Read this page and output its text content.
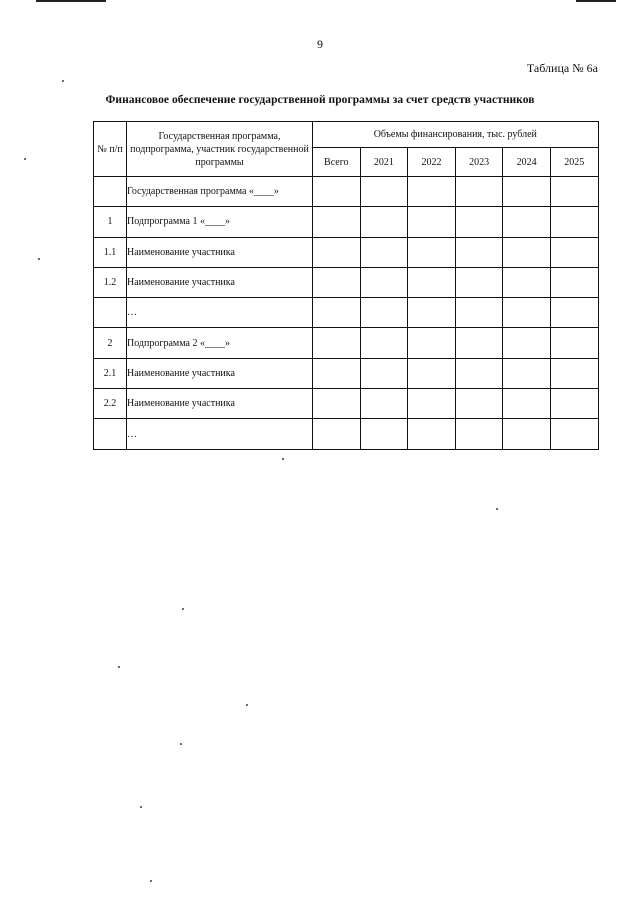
9
Таблица № 6а
Финансовое обеспечение государственной программы за счет средств участников
№ п/п	Государственная программа, подпрограмма, участник государственной программы	Объемы финансирования, тыс. рублей					
		Всего	2021	2022	2023	2024	2025
	Государственная программа «____»						
1	Подпрограмма 1 «____»						
1.1	Наименование участника						
1.2	Наименование участника						
	…						
2	Подпрограмма 2 «____»						
2.1	Наименование участника						
2.2	Наименование участника						
	…						
